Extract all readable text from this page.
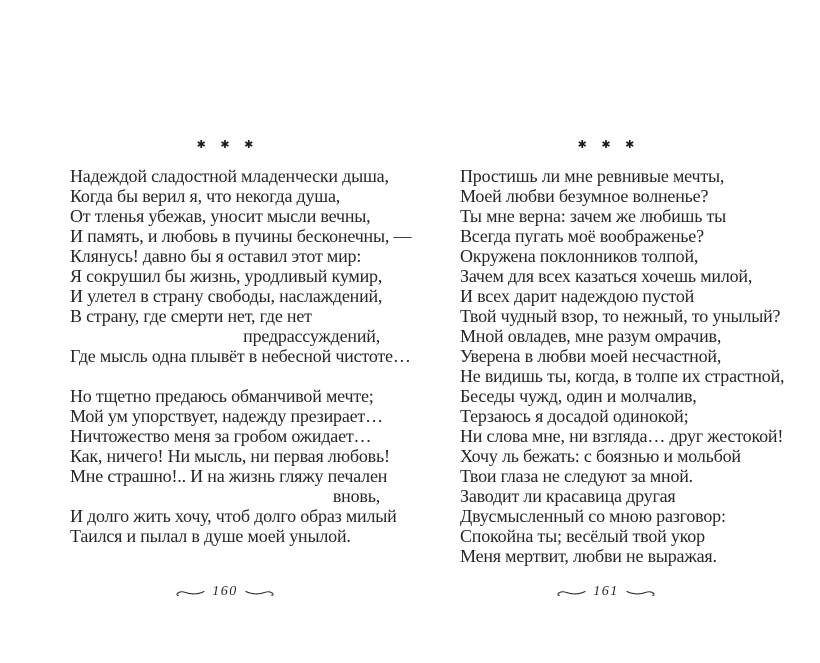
✱ ✱ ✱
Надеждой сладостной младенчески дыша,
Когда бы верил я, что некогда душа,
От тленья убежав, уносит мысли вечны,
И память, и любовь в пучины бесконечны, —
Клянусь! давно бы я оставил этот мир:
Я сокрушил бы жизнь, уродливый кумир,
И улетел в страну свободы, наслаждений,
В страну, где смерти нет, где нет
предрассуждений,
Где мысль одна плывёт в небесной чистоте…
Но тщетно предаюсь обманчивой мечте;
Мой ум упорствует, надежду презирает…
Ничтожество меня за гробом ожидает…
Как, ничего! Ни мысль, ни первая любовь!
Мне страшно!.. И на жизнь гляжу печален
вновь,
И долго жить хочу, чтоб долго образ милый
Таился и пылал в душе моей унылой.
160
✱ ✱ ✱
Простишь ли мне ревнивые мечты,
Моей любви безумное волненье?
Ты мне верна: зачем же любишь ты
Всегда пугать моё воображенье?
Окружена поклонников толпой,
Зачем для всех казаться хочешь милой,
И всех дарит надеждою пустой
Твой чудный взор, то нежный, то унылый?
Мной овладев, мне разум омрачив,
Уверена в любви моей несчастной,
Не видишь ты, когда, в толпе их страстной,
Беседы чужд, один и молчалив,
Терзаюсь я досадой одинокой;
Ни слова мне, ни взгляда… друг жестокой!
Хочу ль бежать: с боязнью и мольбой
Твои глаза не следуют за мной.
Заводит ли красавица другая
Двусмысленный со мною разговор:
Спокойна ты; весёлый твой укор
Меня мертвит, любви не выражая.
161
